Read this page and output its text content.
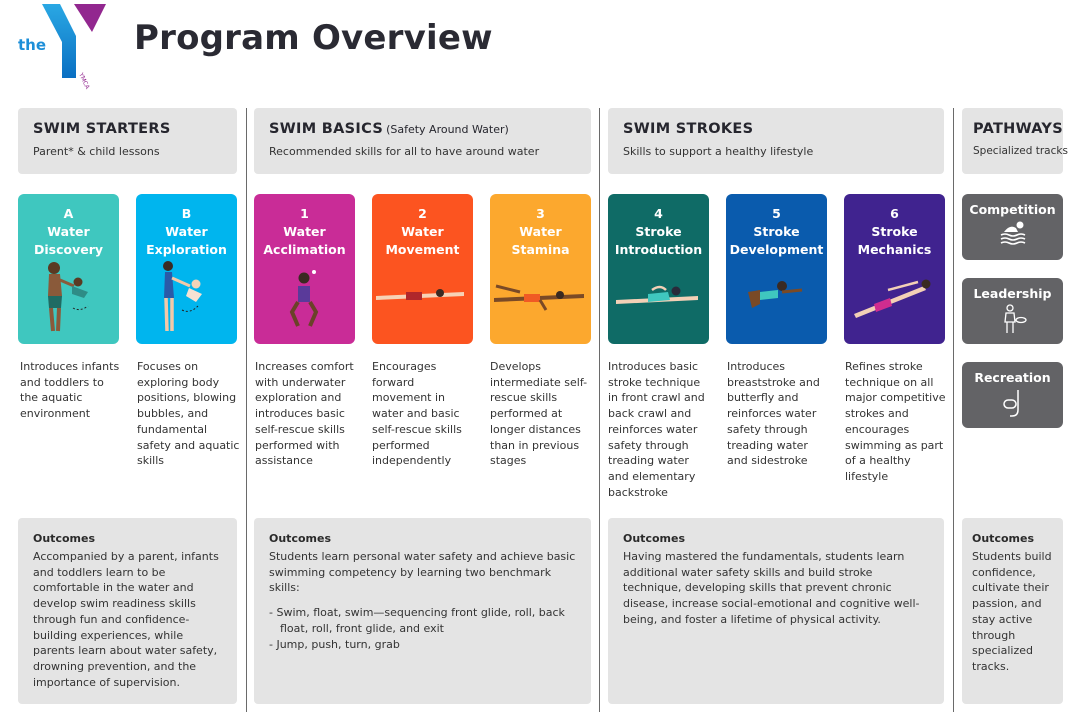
the
YMCA
Program Overview
SWIM STARTERS
Parent* & child lessons
SWIM BASICS (Safety Around Water)
Recommended skills for all to have around water
SWIM STROKES
Skills to support a healthy lifestyle
PATHWAYS
Specialized tracks
A
Water Discovery
B
Water Exploration
1
Water Acclimation
2
Water Movement
3
Water Stamina
4
Stroke Introduction
5
Stroke Development
6
Stroke Mechanics
Introduces infants and toddlers to the aquatic environment
Focuses on exploring body positions, blowing bubbles, and fundamental safety and aquatic skills
Increases comfort with underwater exploration and introduces basic self-rescue skills performed with assistance
Encourages forward movement in water and basic self-rescue skills performed independently
Develops intermediate self-rescue skills performed at longer distances than in previous stages
Introduces basic stroke technique in front crawl and back crawl and reinforces water safety through treading water and elementary backstroke
Introduces breaststroke and butterfly and reinforces water safety through treading water and sidestroke
Refines stroke technique on all major competitive strokes and encourages swimming as part of a healthy lifestyle
Competition
Leadership
Recreation
Outcomes
Accompanied by a parent, infants and toddlers learn to be comfortable in the water and develop swim readiness skills through fun and confidence-building experiences, while parents learn about water safety, drowning prevention, and the importance of supervision.
Outcomes
Students learn personal water safety and achieve basic swimming competency by learning two benchmark skills:
- Swim, float, swim—sequencing front glide, roll, back float, roll, front glide, and exit
- Jump, push, turn, grab
Outcomes
Having mastered the fundamentals, students learn additional water safety skills and build stroke technique, developing skills that prevent chronic disease, increase social-emotional and cognitive well-being, and foster a lifetime of physical activity.
Outcomes
Students build confidence, cultivate their passion, and stay active through specialized tracks.
